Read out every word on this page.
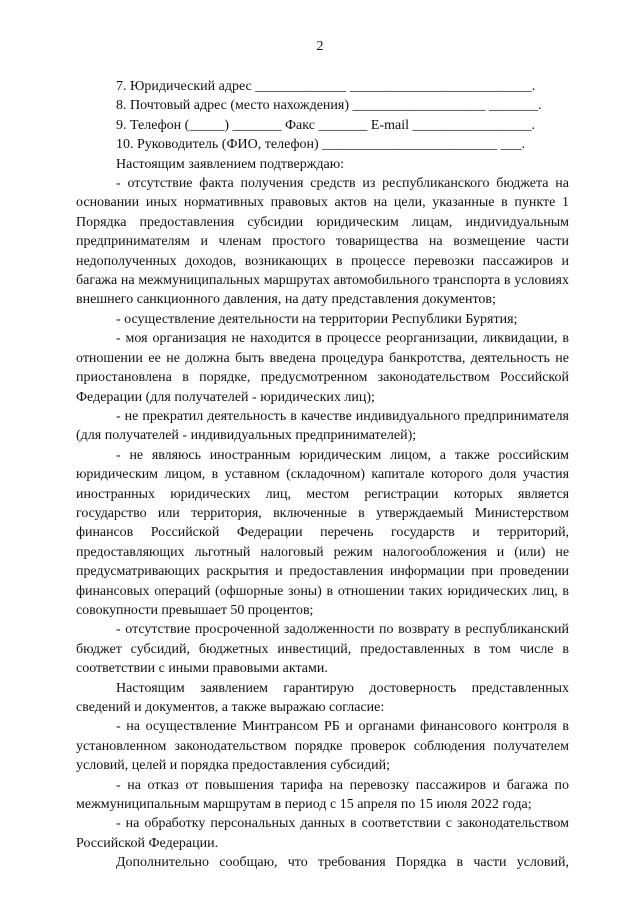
2

7. Юридический адрес _____________ __________________________.

8. Почтовый адрес (место нахождения) ___________________ _______.

9. Телефон (_____) _______ Факс _______ E-mail _________________.

10. Руководитель (ФИО, телефон) _________________________ ___.

Настоящим заявлением подтверждаю:

- отсутствие факта получения средств из республиканского бюджета на основании иных нормативных правовых актов на цели, указанные в пункте 1 Порядка предоставления субсидии юридическим лицам, индиvидуальным предпринимателям и членам простого товарищества на возмещение части недополученных доходов, возникающих в процессе перевозки пассажиров и багажа на межмуниципальных маршрутах автомобильного транспорта в условиях внешнего санкционного давления, на дату представления документов;

- осуществление деятельности на территории Республики Бурятия;

- моя организация не находится в процессе реорганизации, ликвидации, в отношении ее не должна быть введена процедура банкротства, деятельность не приостановлена в порядке, предусмотренном законодательством Российской Федерации (для получателей - юридических лиц);

- не прекратил деятельность в качестве индивидуального предпринимателя (для получателей - индивидуальных предпринимателей);

- не являюсь иностранным юридическим лицом, а также российским юридическим лицом, в уставном (складочном) капитале которого доля участия иностранных юридических лиц, местом регистрации которых является государство или территория, включенные в утверждаемый Министерством финансов Российской Федерации перечень государств и территорий, предоставляющих льготный налоговый режим налогообложения и (или) не предусматривающих раскрытия и предоставления информации при проведении финансовых операций (офшорные зоны) в отношении таких юридических лиц, в совокупности превышает 50 процентов;

- отсутствие просроченной задолженности по возврату в республиканский бюджет субсидий, бюджетных инвестиций, предоставленных в том числе в соответствии с иными правовыми актами.

Настоящим заявлением гарантирую достоверность представленных сведений и документов, а также выражаю согласие:

- на осуществление Минтрансом РБ и органами финансового контроля в установленном законодательством порядке проверок соблюдения получателем условий, целей и порядка предоставления субсидий;

- на отказ от повышения тарифа на перевозку пассажиров и багажа по межмуниципальным маршрутам в период с 15 апреля по 15 июля 2022 года;

- на обработку персональных данных в соответствии с законодательством Российской Федерации.

Дополнительно сообщаю, что требования Порядка в части условий,
